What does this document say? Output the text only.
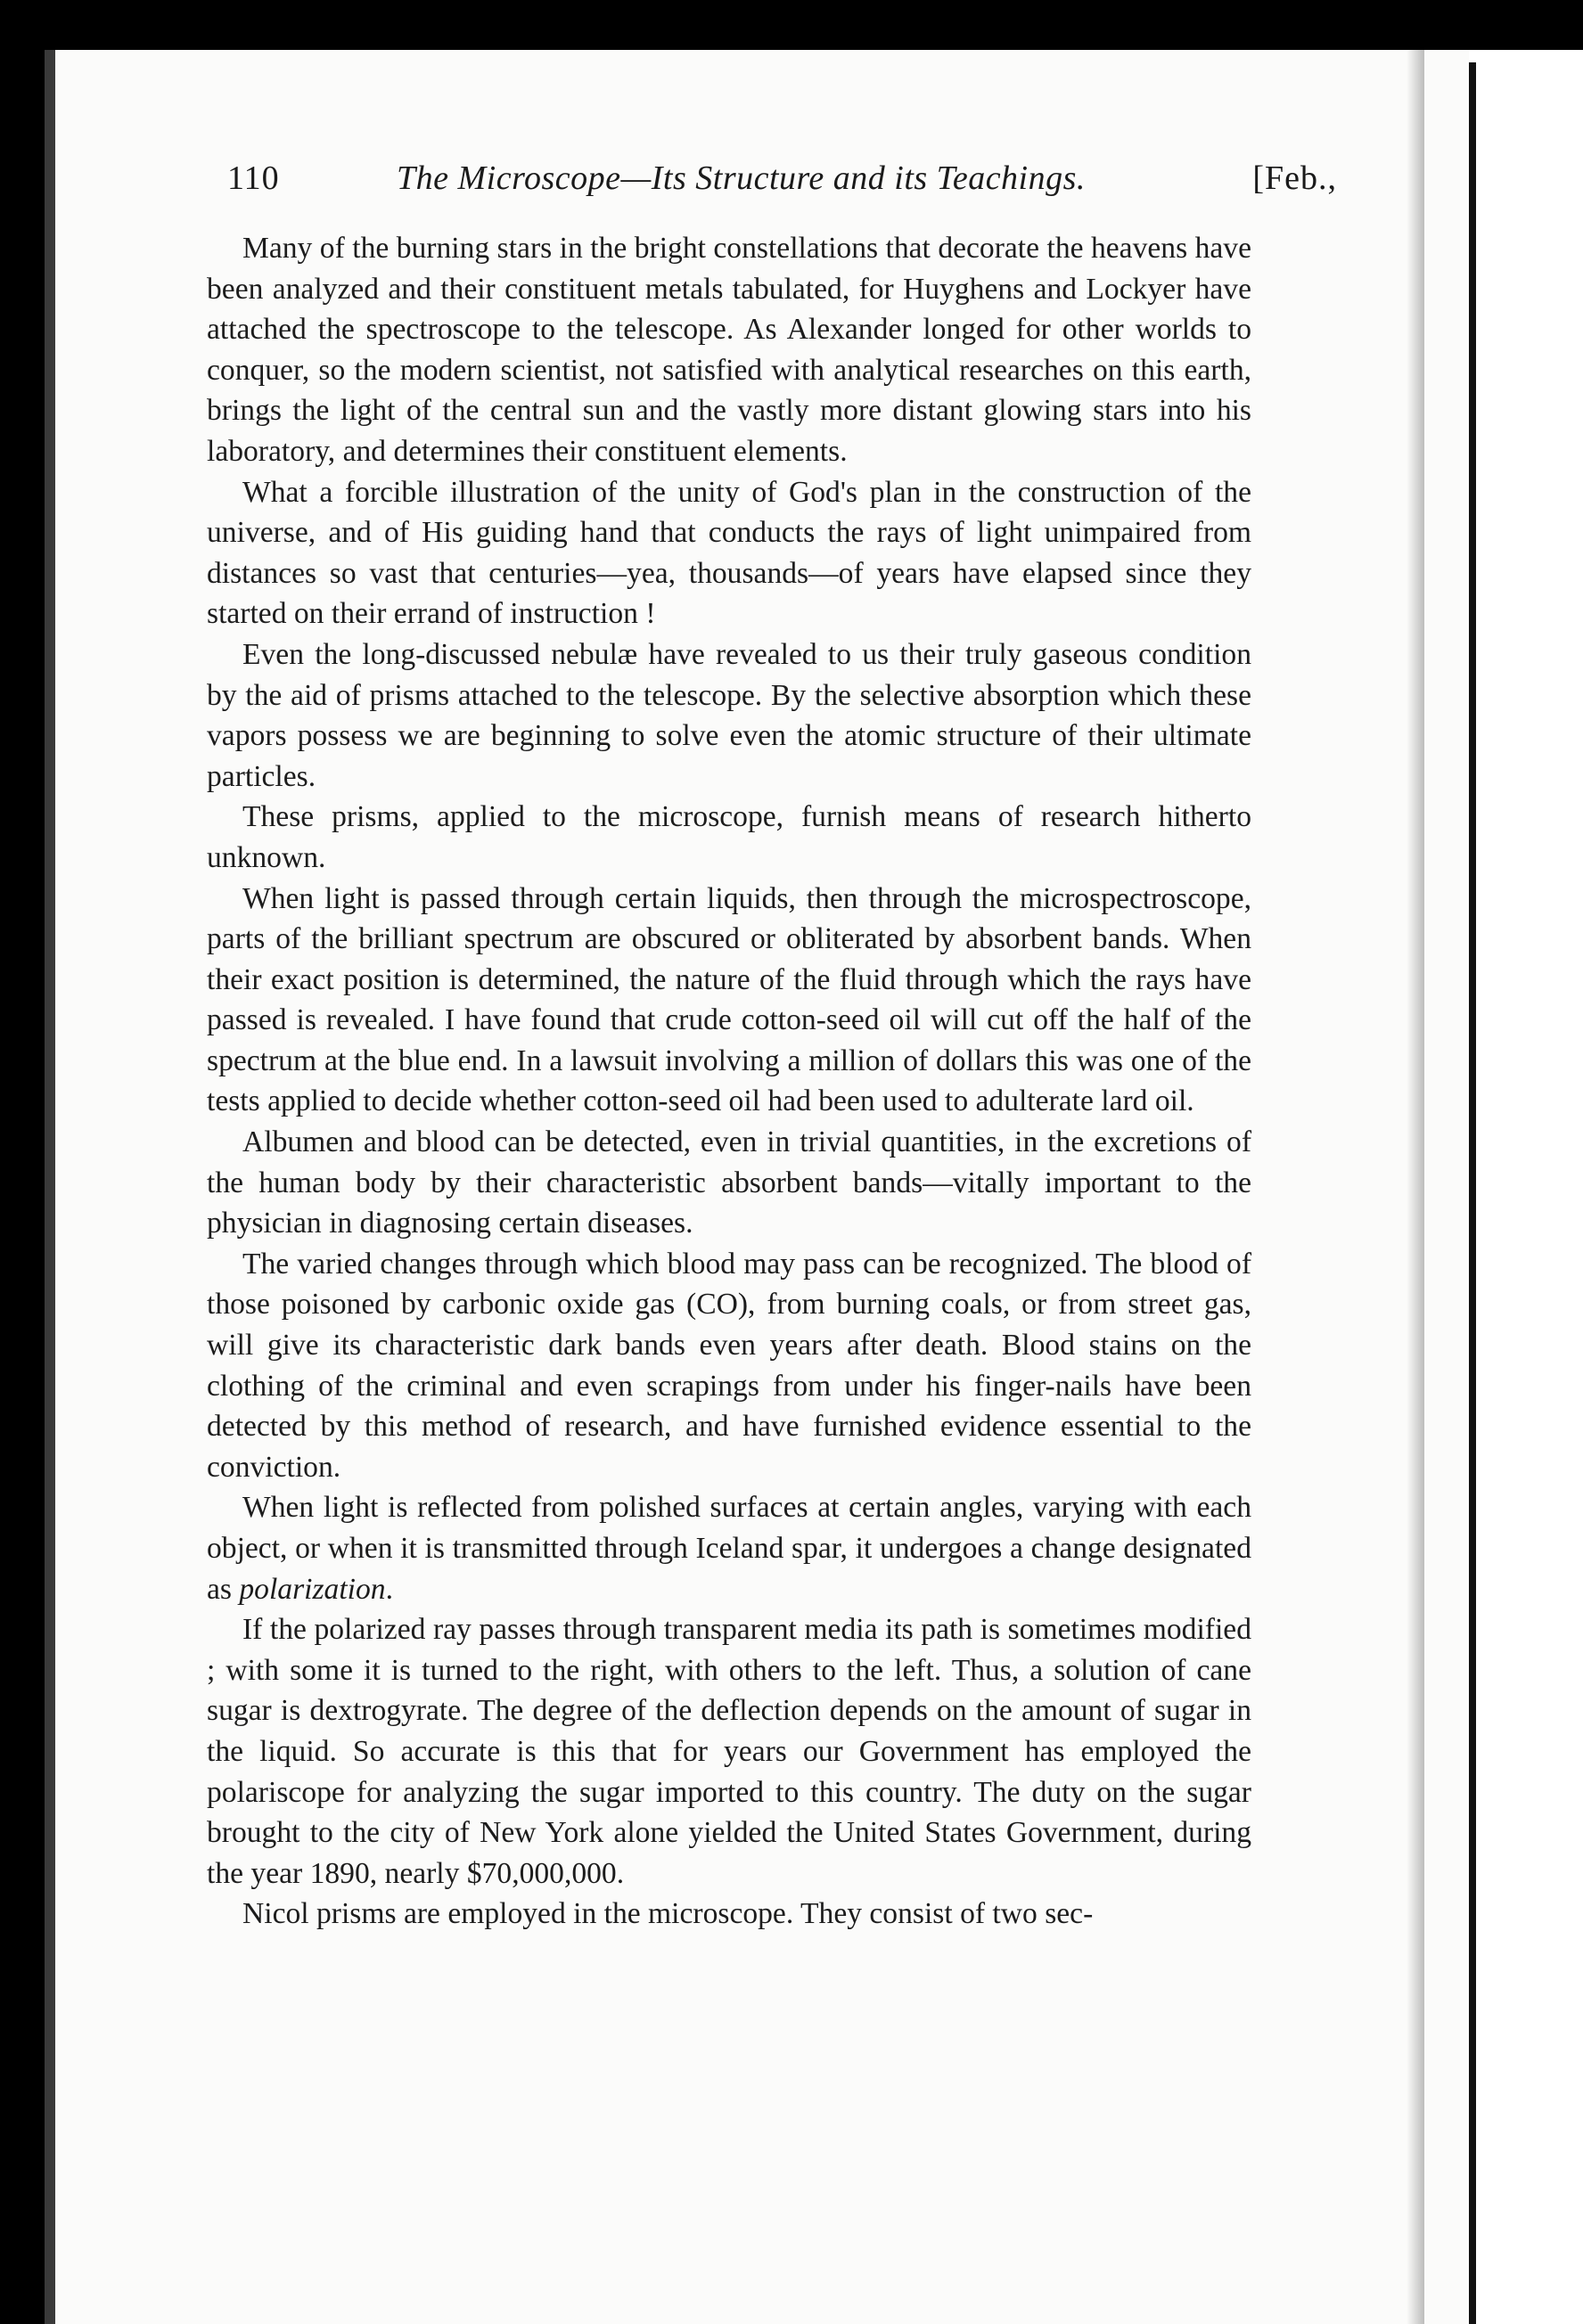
110	The Microscope—Its Structure and its Teachings.	[Feb.,

Many of the burning stars in the bright constellations that decorate the heavens have been analyzed and their constituent metals tabulated, for Huyghens and Lockyer have attached the spectroscope to the telescope. As Alexander longed for other worlds to conquer, so the modern scientist, not satisfied with analytical researches on this earth, brings the light of the central sun and the vastly more distant glowing stars into his laboratory, and determines their constituent elements.

What a forcible illustration of the unity of God's plan in the construction of the universe, and of His guiding hand that conducts the rays of light unimpaired from distances so vast that centuries—yea, thousands—of years have elapsed since they started on their errand of instruction !

Even the long-discussed nebulæ have revealed to us their truly gaseous condition by the aid of prisms attached to the telescope. By the selective absorption which these vapors possess we are beginning to solve even the atomic structure of their ultimate particles.

These prisms, applied to the microscope, furnish means of research hitherto unknown.

When light is passed through certain liquids, then through the microspectroscope, parts of the brilliant spectrum are obscured or obliterated by absorbent bands. When their exact position is determined, the nature of the fluid through which the rays have passed is revealed. I have found that crude cotton-seed oil will cut off the half of the spectrum at the blue end. In a lawsuit involving a million of dollars this was one of the tests applied to decide whether cotton-seed oil had been used to adulterate lard oil.

Albumen and blood can be detected, even in trivial quantities, in the excretions of the human body by their characteristic absorbent bands—vitally important to the physician in diagnosing certain diseases.

The varied changes through which blood may pass can be recognized. The blood of those poisoned by carbonic oxide gas (CO), from burning coals, or from street gas, will give its characteristic dark bands even years after death. Blood stains on the clothing of the criminal and even scrapings from under his finger-nails have been detected by this method of research, and have furnished evidence essential to the conviction.

When light is reflected from polished surfaces at certain angles, varying with each object, or when it is transmitted through Iceland spar, it undergoes a change designated as polarization.

If the polarized ray passes through transparent media its path is sometimes modified ; with some it is turned to the right, with others to the left. Thus, a solution of cane sugar is dextrogyrate. The degree of the deflection depends on the amount of sugar in the liquid. So accurate is this that for years our Government has employed the polariscope for analyzing the sugar imported to this country. The duty on the sugar brought to the city of New York alone yielded the United States Government, during the year 1890, nearly $70,000,000.

Nicol prisms are employed in the microscope. They consist of two sec-
